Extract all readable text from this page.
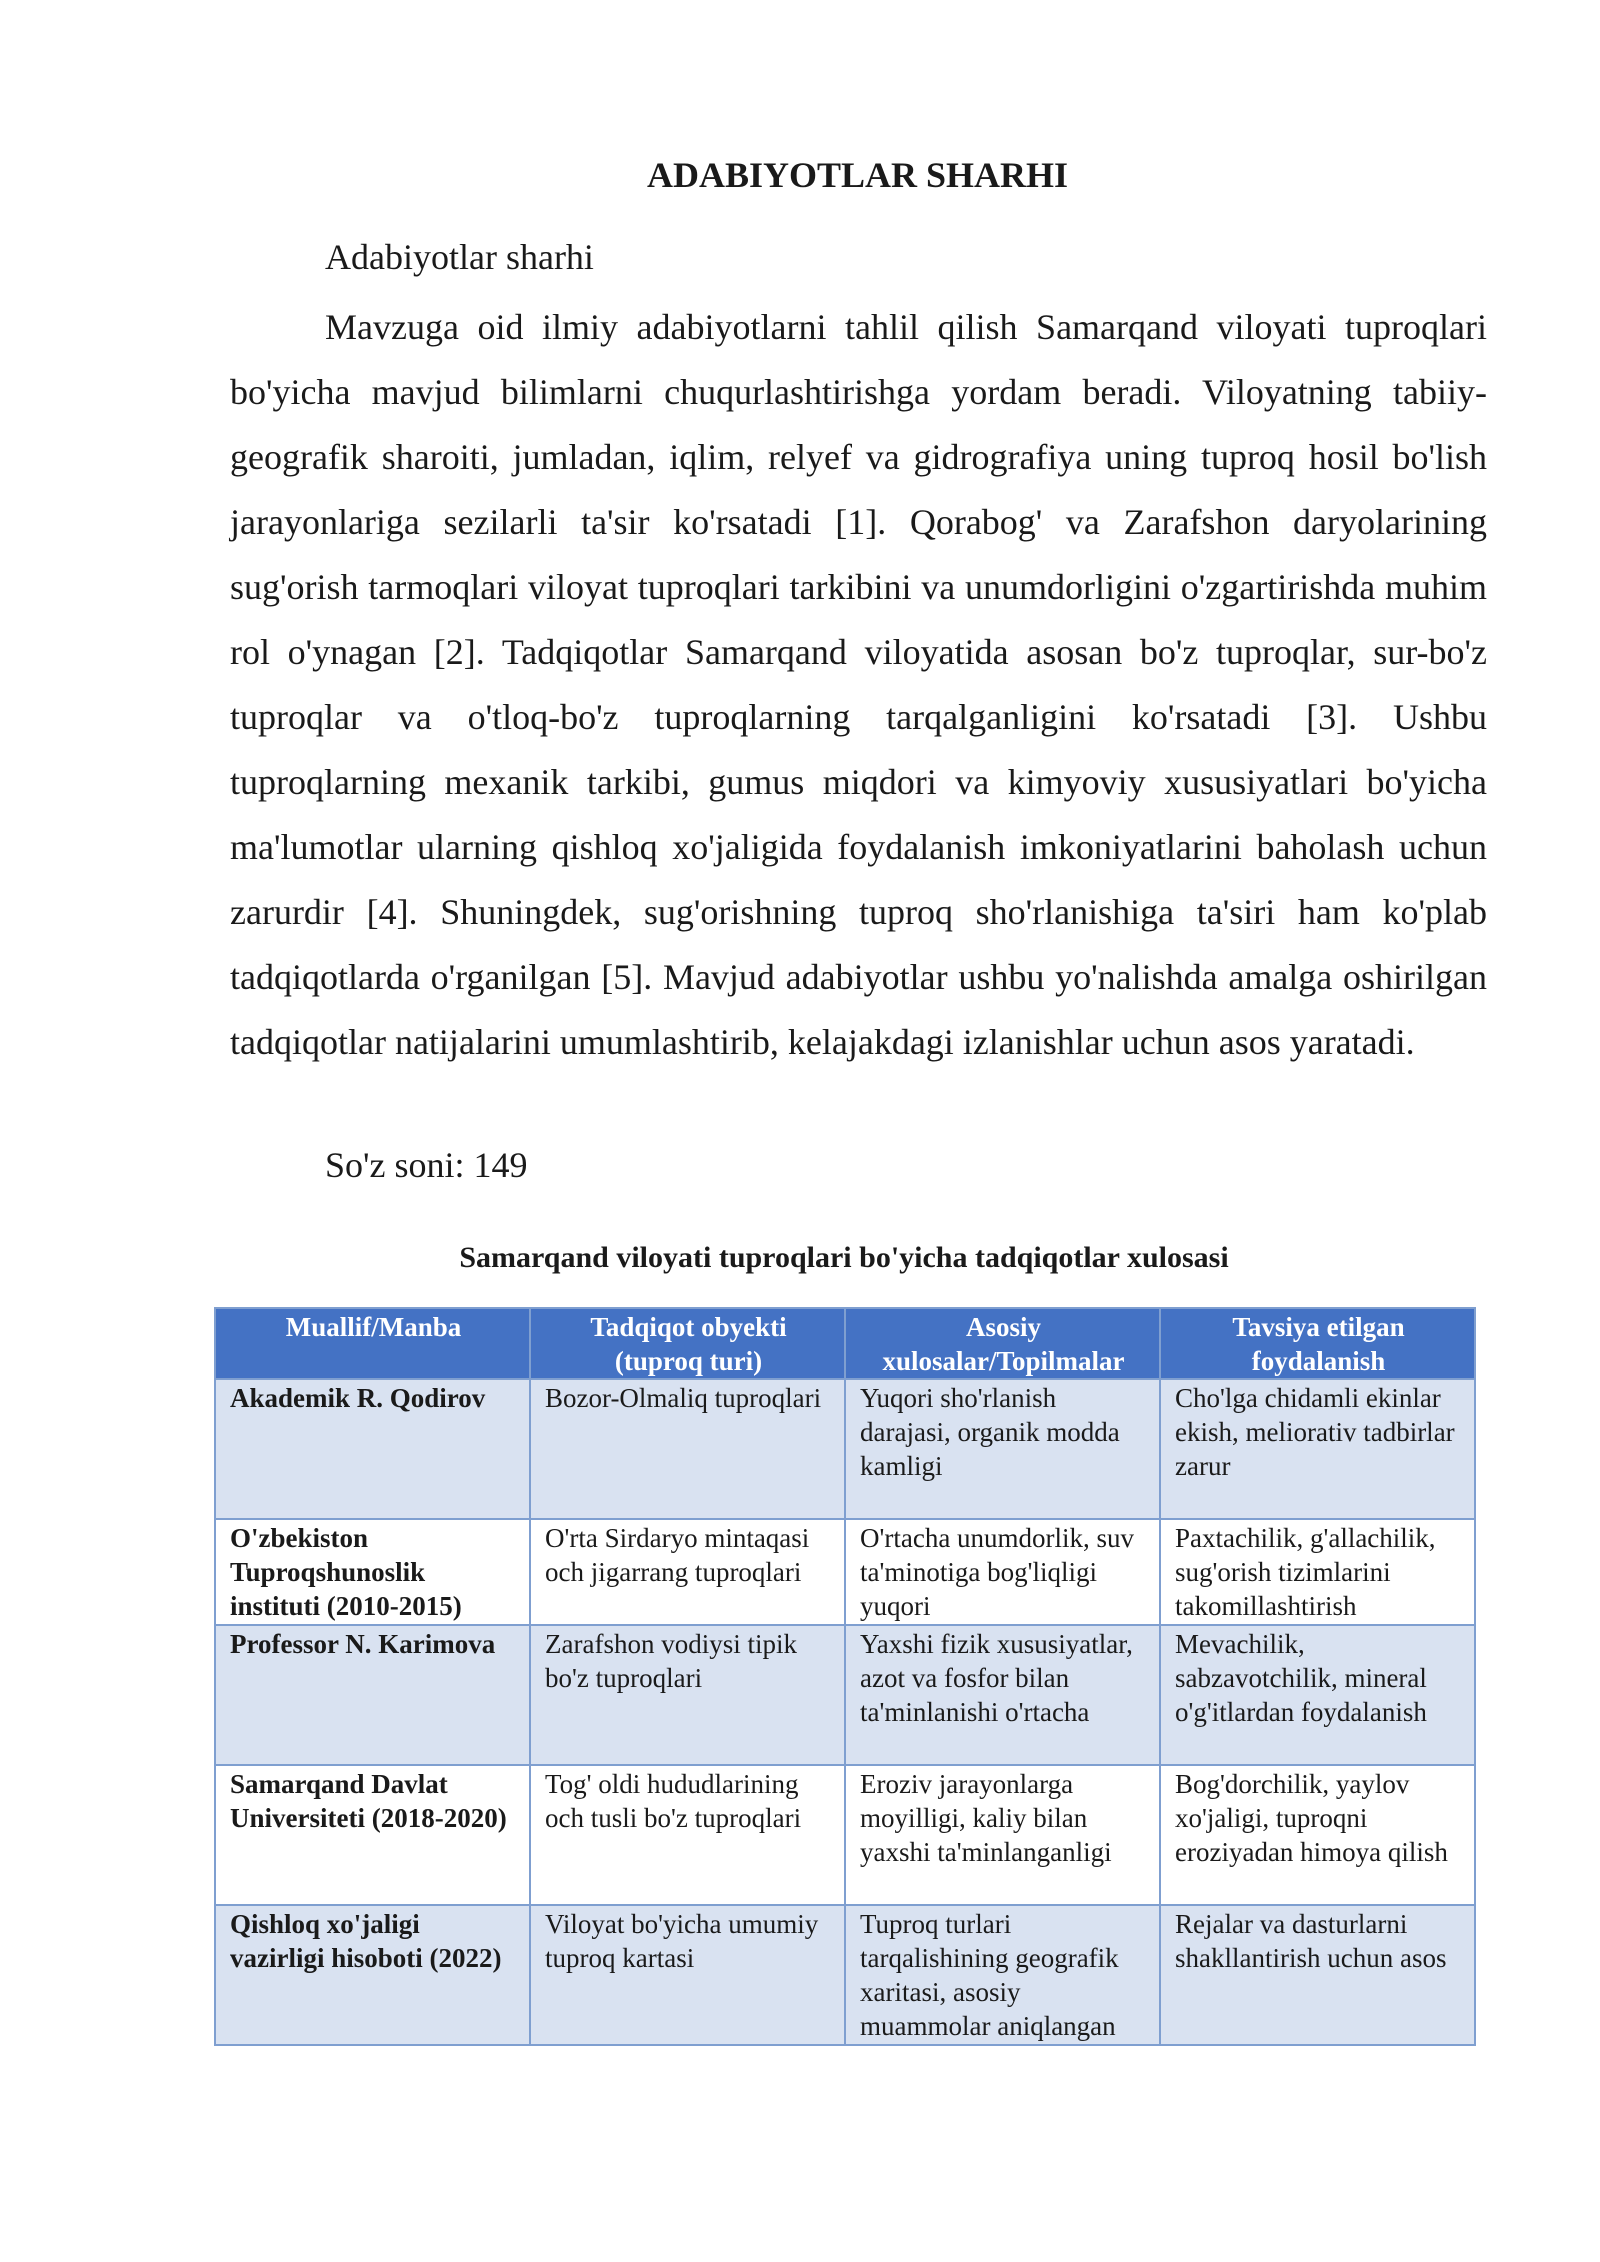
ADABIYOTLAR SHARHI
Adabiyotlar sharhi

Mavzuga oid ilmiy adabiyotlarni tahlil qilish Samarqand viloyati tuproqlari bo'yicha mavjud bilimlarni chuqurlashtirishga yordam beradi. Viloyatning tabiiy-geografik sharoiti, jumladan, iqlim, relyef va gidrografiya uning tuproq hosil bo'lish jarayonlariga sezilarli ta'sir ko'rsatadi [1]. Qorabog' va Zarafshon daryolarining sug'orish tarmoqlari viloyat tuproqlari tarkibini va unumdorligini o'zgartirishda muhim rol o'ynagan [2]. Tadqiqotlar Samarqand viloyatida asosan bo'z tuproqlar, sur-bo'z tuproqlar va o'tloq-bo'z tuproqlarning tarqalganligini ko'rsatadi [3]. Ushbu tuproqlarning mexanik tarkibi, gumus miqdori va kimyoviy xususiyatlari bo'yicha ma'lumotlar ularning qishloq xo'jaligida foydalanish imkoniyatlarini baholash uchun zarurdir [4]. Shuningdek, sug'orishning tuproq sho'rlanishiga ta'siri ham ko'plab tadqiqotlarda o'rganilgan [5]. Mavjud adabiyotlar ushbu yo'nalishda amalga oshirilgan tadqiqotlar natijalarini umumlashtirib, kelajakdagi izlanishlar uchun asos yaratadi.

So'z soni: 149
Samarqand viloyati tuproqlari bo'yicha tadqiqotlar xulosasi
Muallif/Manba	Tadqiqot obyekti (tuproq turi)	Asosiy xulosalar/Topilmalar	Tavsiya etilgan foydalanish
Akademik R. Qodirov	Bozor-Olmaliq tuproqlari	Yuqori sho'rlanish darajasi, organik modda kamligi	Cho'lga chidamli ekinlar ekish, meliorativ tadbirlar zarur
O'zbekiston Tuproqshunoslik instituti (2010-2015)	O'rta Sirdaryo mintaqasi och jigarrang tuproqlari	O'rtacha unumdorlik, suv ta'minotiga bog'liqligi yuqori	Paxtachilik, g'allachilik, sug'orish tizimlarini takomillashtirish
Professor N. Karimova	Zarafshon vodiysi tipik bo'z tuproqlari	Yaxshi fizik xususiyatlar, azot va fosfor bilan ta'minlanishi o'rtacha	Mevachilik, sabzavotchilik, mineral o'g'itlardan foydalanish
Samarqand Davlat Universiteti (2018-2020)	Tog' oldi hududlarining och tusli bo'z tuproqlari	Eroziv jarayonlarga moyilligi, kaliy bilan yaxshi ta'minlanganligi	Bog'dorchilik, yaylov xo'jaligi, tuproqni eroziyadan himoya qilish
Qishloq xo'jaligi vazirligi hisoboti (2022)	Viloyat bo'yicha umumiy tuproq kartasi	Tuproq turlari tarqalishining geografik xaritasi, asosiy muammolar aniqlangan	Rejalar va dasturlarni shakllantirish uchun asos
